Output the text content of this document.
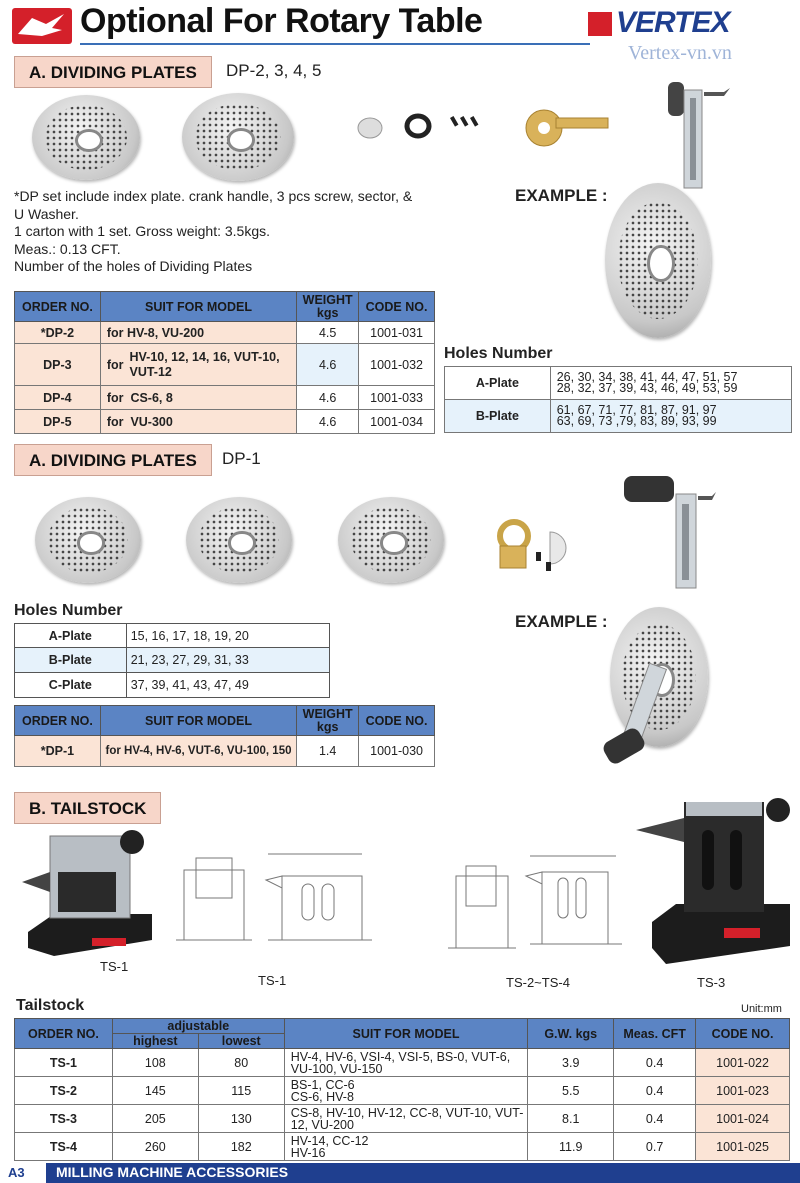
Optional For Rotary Table	VERTEX
Vertex-vn.vn
A. DIVIDING PLATES	DP-2, 3, 4, 5
*DP set include index plate. crank handle, 3 pcs screw, sector, &
U Washer.
1 carton with 1 set. Gross weight: 3.5kgs.
Meas.: 0.13 CFT.
Number of the holes of Dividing Plates
EXAMPLE :
ORDER NO.	SUIT FOR MODEL	WEIGHT kgs	CODE NO.
*DP-2	for HV-8, VU-200	4.5	1001-031
DP-3	for
HV-10, 12, 14, 16, VUT-10, VUT-12	4.6	1001-032
DP-4	for CS-6, 8	4.6	1001-033
DP-5	for VU-300	4.6	1001-034
Holes Number
A-Plate	26, 30, 34, 38, 41, 44, 47, 51, 57
28, 32, 37, 39, 43, 46, 49, 53, 59

B-Plate	61, 67, 71, 77, 81, 87, 91, 97
63, 69, 73 ,79, 83, 89, 93, 99
A. DIVIDING PLATES	DP-1
Holes Number
A-Plate	15, 16, 17, 18, 19, 20
B-Plate	21, 23, 27, 29, 31, 33
C-Plate	37, 39, 41, 43, 47, 49
EXAMPLE :
ORDER NO.	SUIT FOR MODEL	WEIGHT kgs	CODE NO.
*DP-1	for HV-4, HV-6, VUT-6, VU-100, 150	1.4	1001-030
B. TAILSTOCK
TS-1
TS-1	TS-2~TS-4	TS-3
Tailstock	Unit:mm
ORDER NO.	adjustable		SUIT FOR MODEL	G.W. kgs	Meas. CFT	CODE NO.
	highest	lowest				
TS-1	108	80	HV-4, HV-6, VSI-4, VSI-5, BS-0, VUT-6,
VU-100, VU-150	3.9	0.4	1001-022
TS-2	145	115	BS-1, CC-6
CS-6, HV-8	5.5	0.4	1001-023
TS-3	205	130	CS-8, HV-10, HV-12, CC-8, VUT-10, VUT-
12, VU-200	8.1	0.4	1001-024
TS-4	260	182	HV-14, CC-12
HV-16	11.9	0.7	1001-025
A3 MILLING MACHINE ACCESSORIES
